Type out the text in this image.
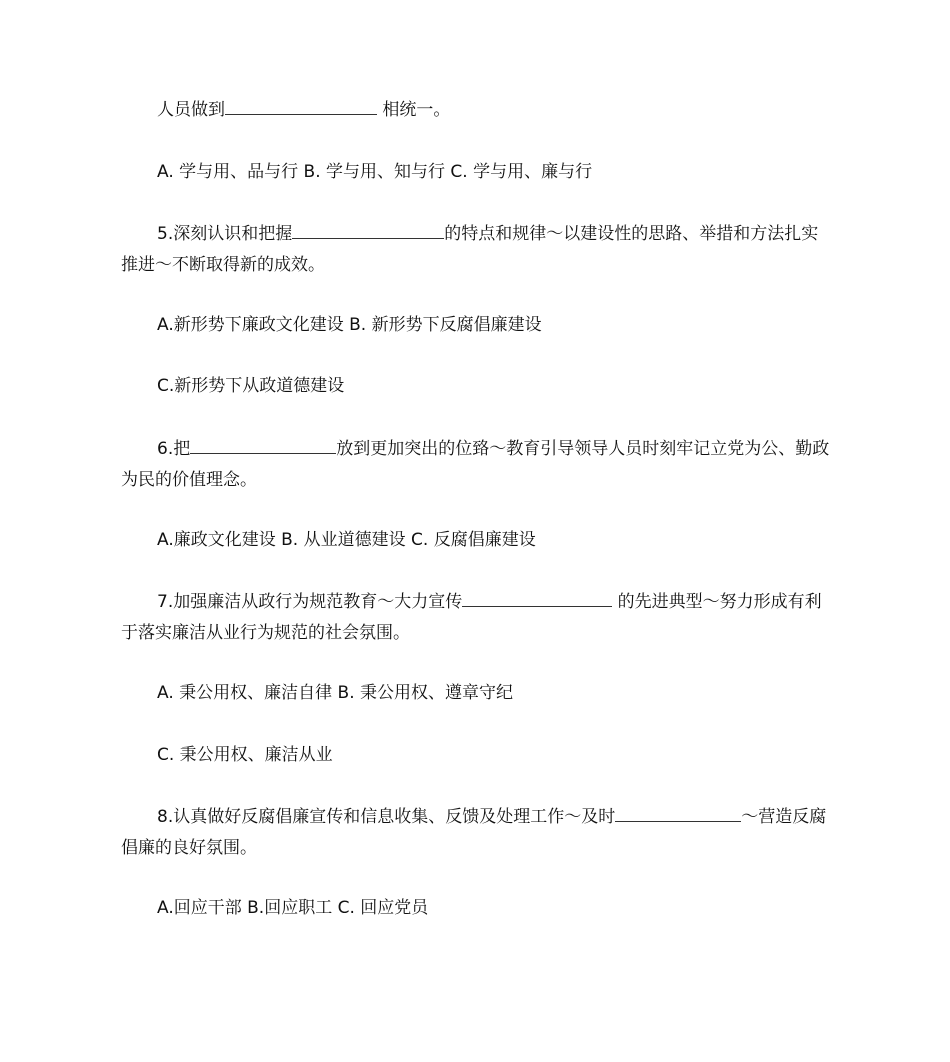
人员做到	相统一。

A. 学与用、品与行 B. 学与用、知与行 C. 学与用、廉与行

5.深刻认识和把握	的特点和规律～以建设性的思路、举措和方法扎实推进～不断取得新的成效。

A.新形势下廉政文化建设 B. 新形势下反腐倡廉建设

C.新形势下从政道德建设

6.把	放到更加突出的位臵～教育引导领导人员时刻牢记立党为公、勤政为民的价值理念。

A.廉政文化建设 B. 从业道德建设 C. 反腐倡廉建设

7.加强廉洁从政行为规范教育～大力宣传	的先进典型～努力形成有利于落实廉洁从业行为规范的社会氛围。

A. 秉公用权、廉洁自律 B. 秉公用权、遵章守纪

C. 秉公用权、廉洁从业

8.认真做好反腐倡廉宣传和信息收集、反馈及处理工作～及时	～营造反腐倡廉的良好氛围。

A.回应干部 B.回应职工 C. 回应党员
